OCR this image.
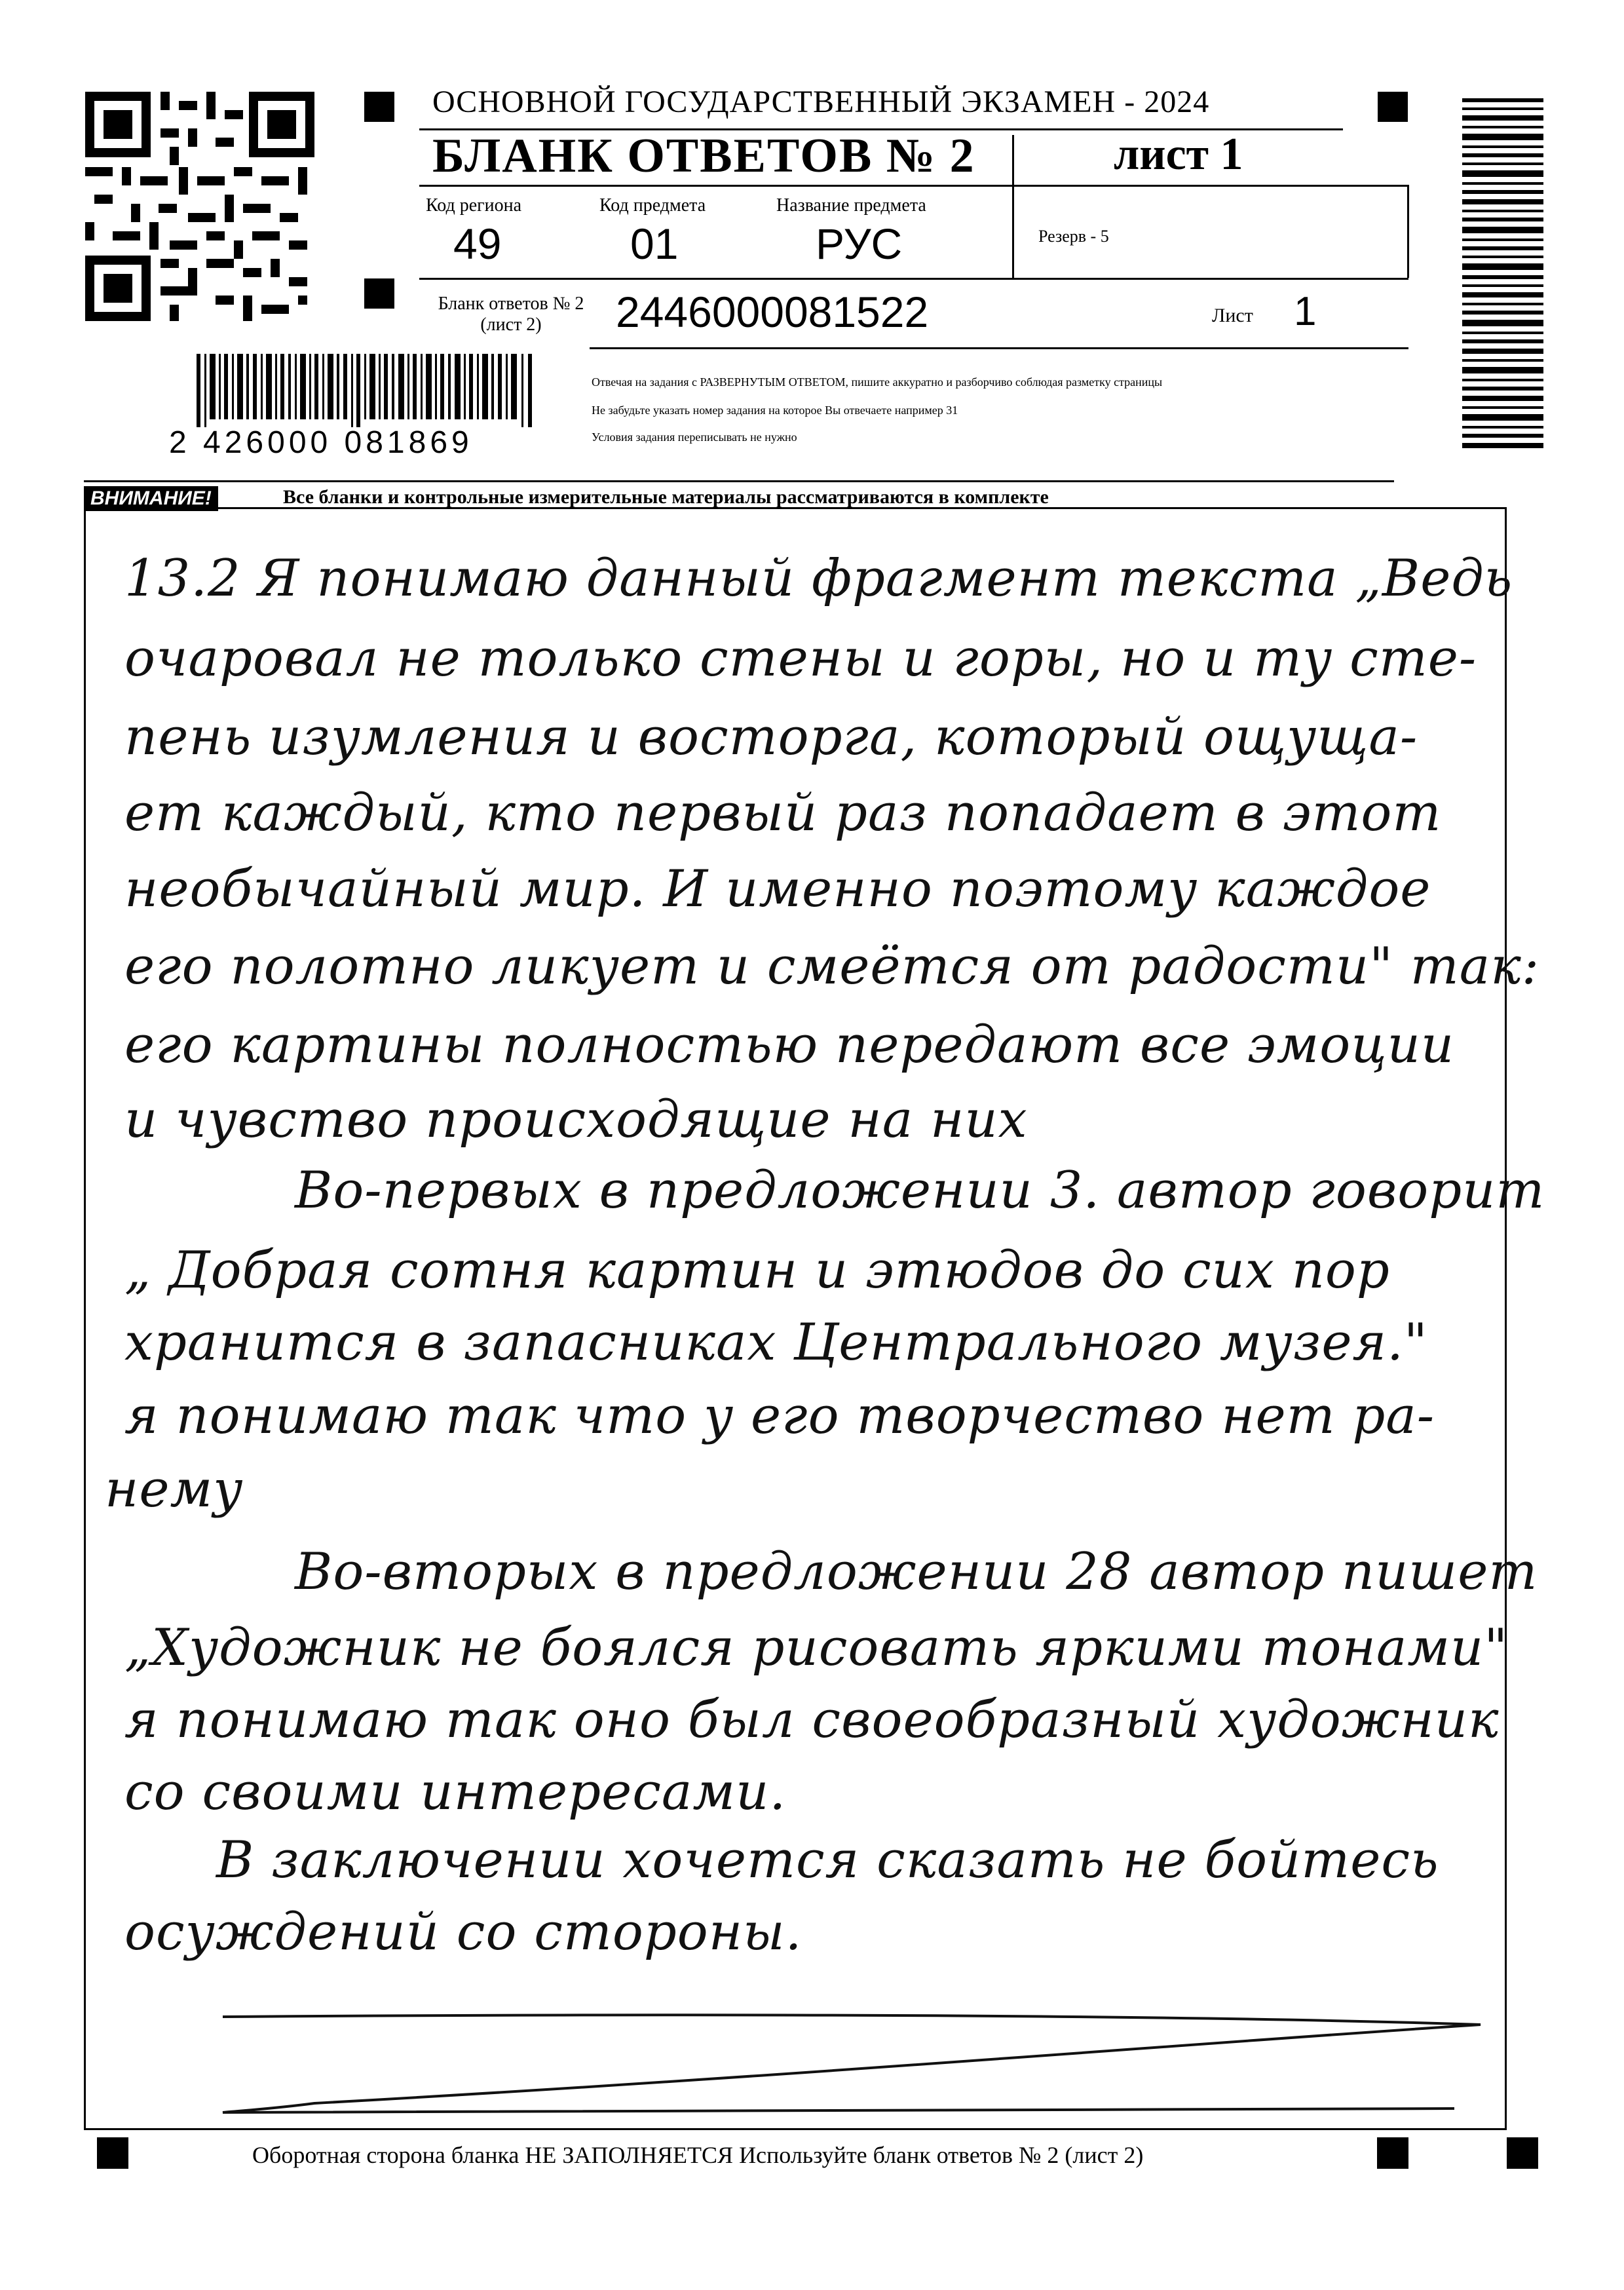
ОСНОВНОЙ ГОСУДАРСТВЕННЫЙ ЭКЗАМЕН - 2024
БЛАНК ОТВЕТОВ № 2	лист 1
Код региона
49
Код предмета
01
Название предмета
РУС	Резерв - 5
Бланк ответов № 2
(лист 2)	2446000081522	Лист 1
Отвечая на задания с РАЗВЕРНУТЫМ ОТВЕТОМ, пишите аккуратно и разборчиво соблюдая разметку страницы
Не забудьте указать номер задания на которое Вы отвечаете например 31
Условия задания переписывать не нужно
2 426000 081869
ВНИМАНИЕ!	Все бланки и контрольные измерительные материалы рассматриваются в комплекте
13.2 Я понимаю данный фрагмент текста „Ведь
очаровал не только стены и горы, но и ту сте-
пень изумления и восторга, который ощуща-
ет каждый, кто первый раз попадает в этот
необычайный мир. И именно поэтому каждое
его полотно ликует и смеётся от радости" так:
его картины полностью передают все эмоции
и чувство происходящие на них
Во-первых в предложении 3. автор говорит
„ Добрая сотня картин и этюдов до сих пор
хранится в запасниках Центрального музея."
я понимаю так что у его творчество нет ра-
нему
Во-вторых в предложении 28 автор пишет
„Художник не боялся рисовать яркими тонами"
я понимаю так оно был своеобразный художник
со своими интересами.
В заключении хочется сказать не бойтесь
осуждений со стороны.
Оборотная сторона бланка НЕ ЗАПОЛНЯЕТСЯ Используйте бланк ответов № 2 (лист 2)
